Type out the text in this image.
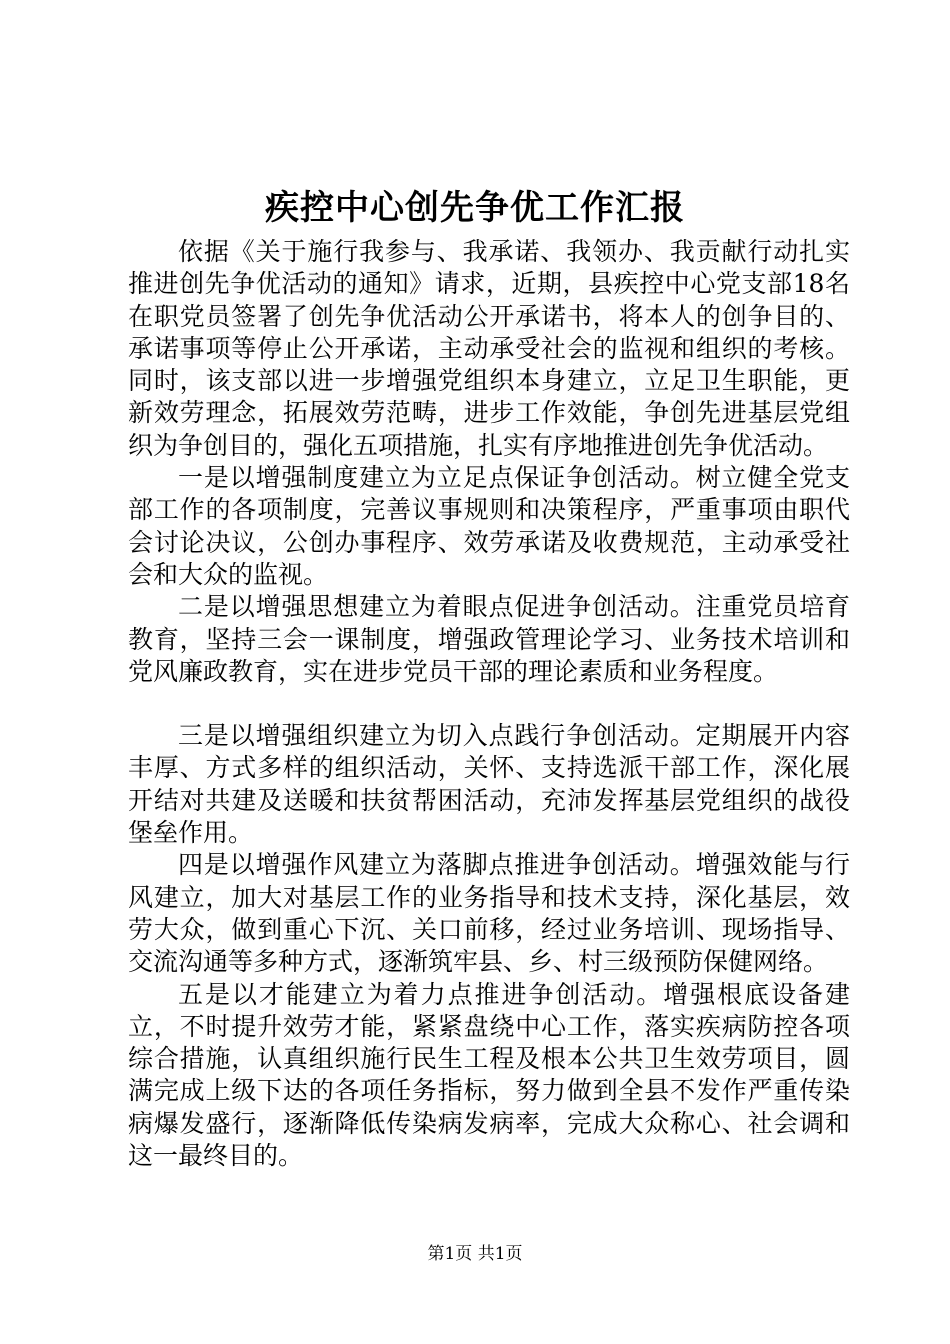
疾控中心创先争优工作汇报

依据《关于施行我参与、我承诺、我领办、我贡献行动扎实推进创先争优活动的通知》请求，近期，县疾控中心党支部18名在职党员签署了创先争优活动公开承诺书，将本人的创争目的、承诺事项等停止公开承诺，主动承受社会的监视和组织的考核。同时，该支部以进一步增强党组织本身建立，立足卫生职能，更新效劳理念，拓展效劳范畴，进步工作效能，争创先进基层党组织为争创目的，强化五项措施，扎实有序地推进创先争优活动。

一是以增强制度建立为立足点保证争创活动。树立健全党支部工作的各项制度，完善议事规则和决策程序，严重事项由职代会讨论决议，公创办事程序、效劳承诺及收费规范，主动承受社会和大众的监视。

二是以增强思想建立为着眼点促进争创活动。注重党员培育教育，坚持三会一课制度，增强政管理论学习、业务技术培训和党风廉政教育，实在进步党员干部的理论素质和业务程度。

三是以增强组织建立为切入点践行争创活动。定期展开内容丰厚、方式多样的组织活动，关怀、支持选派干部工作，深化展开结对共建及送暖和扶贫帮困活动，充沛发挥基层党组织的战役堡垒作用。

四是以增强作风建立为落脚点推进争创活动。增强效能与行风建立，加大对基层工作的业务指导和技术支持，深化基层，效劳大众，做到重心下沉、关口前移，经过业务培训、现场指导、交流沟通等多种方式，逐渐筑牢县、乡、村三级预防保健网络。

五是以才能建立为着力点推进争创活动。增强根底设备建立，不时提升效劳才能，紧紧盘绕中心工作，落实疾病防控各项综合措施，认真组织施行民生工程及根本公共卫生效劳项目，圆满完成上级下达的各项任务指标，努力做到全县不发作严重传染病爆发盛行，逐渐降低传染病发病率，完成大众称心、社会调和这一最终目的。

第1页 共1页
